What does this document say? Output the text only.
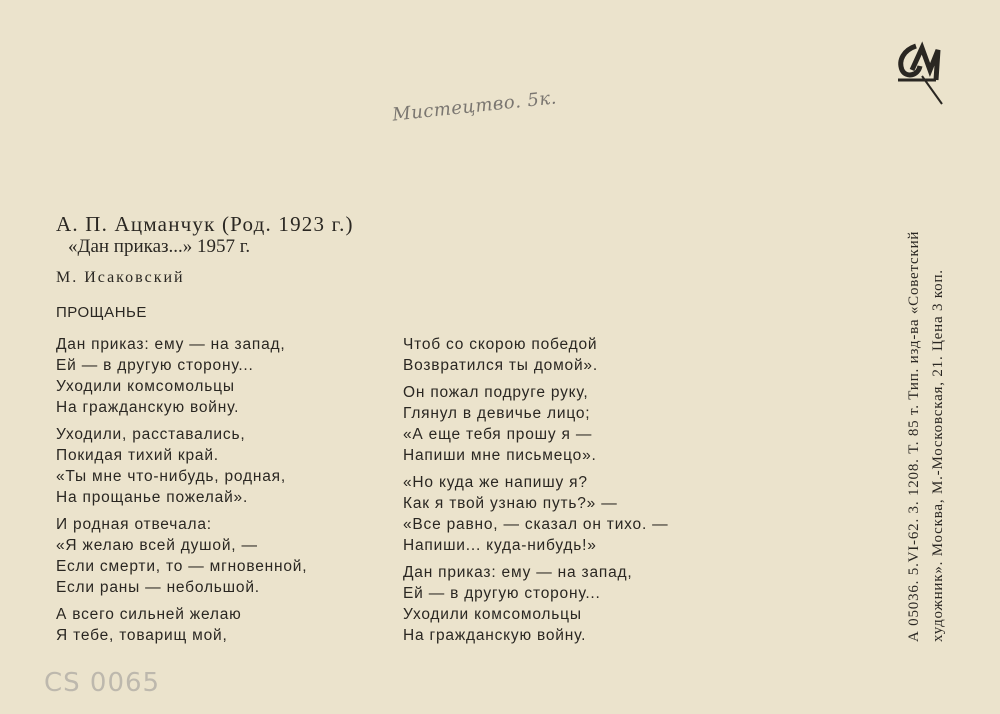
Мистецтво. 5к.

А. П. Ацманчук (Род. 1923 г.)

«Дан приказ...» 1957 г.

М. Исаковский
ПРОЩАНЬЕ
Дан приказ: ему — на запад,
Ей — в другую сторону...
Уходили комсомольцы
На гражданскую войну.
Уходили, расставались,
Покидая тихий край.
«Ты мне что-нибудь, родная,
На прощанье пожелай».
И родная отвечала:
«Я желаю всей душой, —
Если смерти, то — мгновенной,
Если раны — небольшой.
А всего сильней желаю
Я тебе, товарищ мой,
Чтоб со скорою победой
Возвратился ты домой».
Он пожал подруге руку,
Глянул в девичье лицо;
«А еще тебя прошу я —
Напиши мне письмецо».
«Но куда же напишу я?
Как я твой узнаю путь?» —
«Все равно, — сказал он тихо. —
Напиши... куда-нибудь!»
Дан приказ: ему — на запад,
Ей — в другую сторону...
Уходили комсомольцы
На гражданскую войну.	А 05036. 5.VI-62. 3. 1208. Т. 85 т. Тип. изд-ва «Советский художник». Москва, М.-Московская, 21. Цена 3 коп.
CS 0065
